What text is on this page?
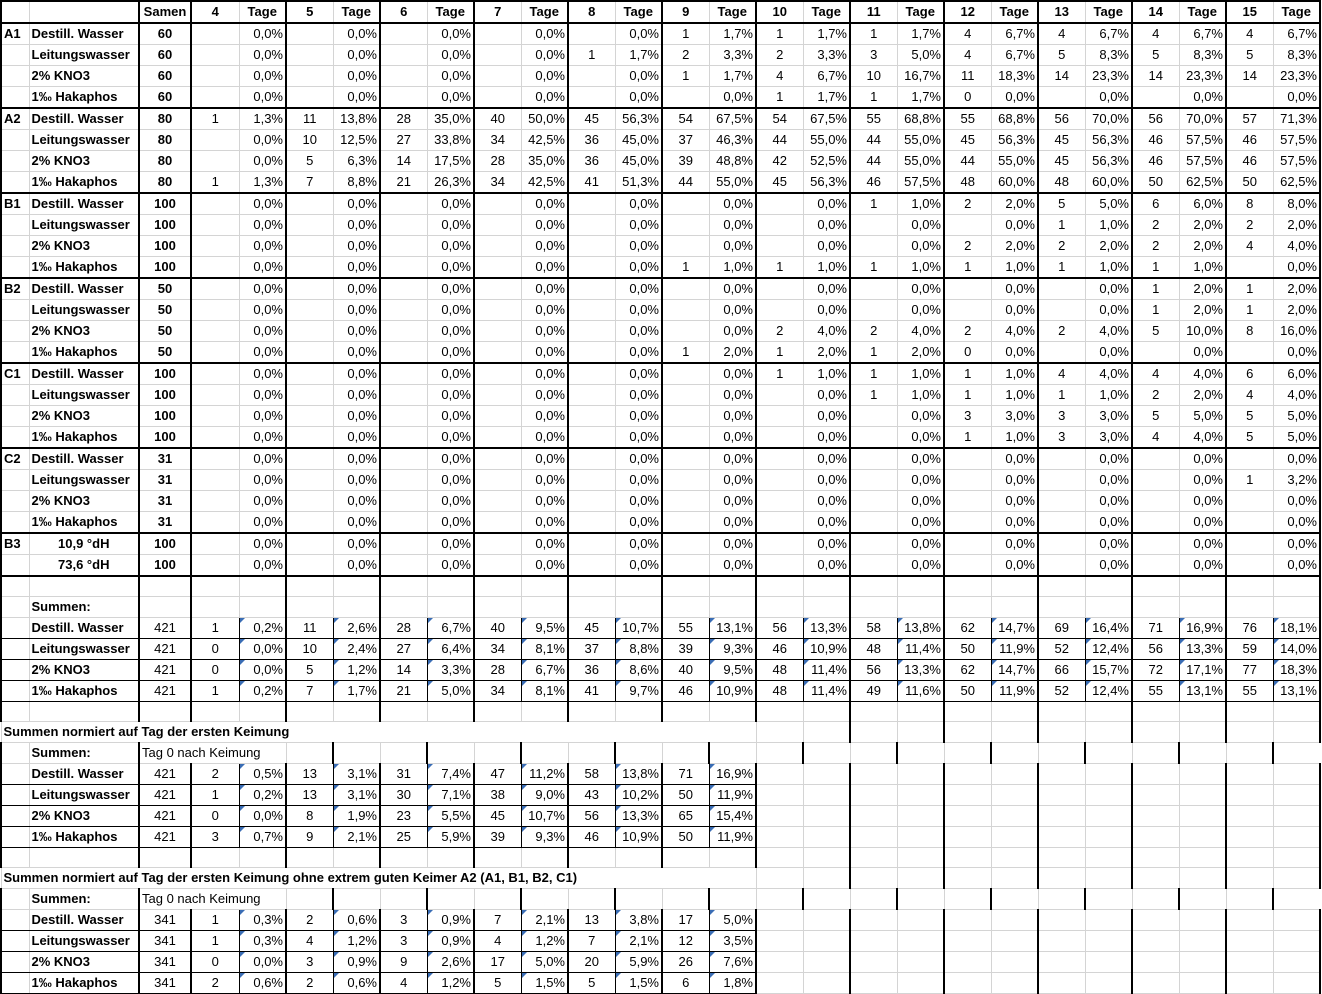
		Samen	4	Tage	5	Tage	6	Tage	7	Tage	8	Tage	9	Tage	10	Tage	11	Tage	12	Tage	13	Tage	14	Tage	15	Tage
A1	Destill. Wasser	60		0,0%		0,0%		0,0%		0,0%		0,0%	1	1,7%	1	1,7%	1	1,7%	4	6,7%	4	6,7%	4	6,7%	4	6,7%
	Leitungswasser	60		0,0%		0,0%		0,0%		0,0%	1	1,7%	2	3,3%	2	3,3%	3	5,0%	4	6,7%	5	8,3%	5	8,3%	5	8,3%
	2% KNO3	60		0,0%		0,0%		0,0%		0,0%		0,0%	1	1,7%	4	6,7%	10	16,7%	11	18,3%	14	23,3%	14	23,3%	14	23,3%
	1‰ Hakaphos	60		0,0%		0,0%		0,0%		0,0%		0,0%		0,0%	1	1,7%	1	1,7%	0	0,0%		0,0%		0,0%		0,0%
A2	Destill. Wasser	80	1	1,3%	11	13,8%	28	35,0%	40	50,0%	45	56,3%	54	67,5%	54	67,5%	55	68,8%	55	68,8%	56	70,0%	56	70,0%	57	71,3%
	Leitungswasser	80		0,0%	10	12,5%	27	33,8%	34	42,5%	36	45,0%	37	46,3%	44	55,0%	44	55,0%	45	56,3%	45	56,3%	46	57,5%	46	57,5%
	2% KNO3	80		0,0%	5	6,3%	14	17,5%	28	35,0%	36	45,0%	39	48,8%	42	52,5%	44	55,0%	44	55,0%	45	56,3%	46	57,5%	46	57,5%
	1‰ Hakaphos	80	1	1,3%	7	8,8%	21	26,3%	34	42,5%	41	51,3%	44	55,0%	45	56,3%	46	57,5%	48	60,0%	48	60,0%	50	62,5%	50	62,5%
B1	Destill. Wasser	100		0,0%		0,0%		0,0%		0,0%		0,0%		0,0%		0,0%	1	1,0%	2	2,0%	5	5,0%	6	6,0%	8	8,0%
	Leitungswasser	100		0,0%		0,0%		0,0%		0,0%		0,0%		0,0%		0,0%		0,0%		0,0%	1	1,0%	2	2,0%	2	2,0%
	2% KNO3	100		0,0%		0,0%		0,0%		0,0%		0,0%		0,0%		0,0%		0,0%	2	2,0%	2	2,0%	2	2,0%	4	4,0%
	1‰ Hakaphos	100		0,0%		0,0%		0,0%		0,0%		0,0%	1	1,0%	1	1,0%	1	1,0%	1	1,0%	1	1,0%	1	1,0%		0,0%
B2	Destill. Wasser	50		0,0%		0,0%		0,0%		0,0%		0,0%		0,0%		0,0%		0,0%		0,0%		0,0%	1	2,0%	1	2,0%
	Leitungswasser	50		0,0%		0,0%		0,0%		0,0%		0,0%		0,0%		0,0%		0,0%		0,0%		0,0%	1	2,0%	1	2,0%
	2% KNO3	50		0,0%		0,0%		0,0%		0,0%		0,0%		0,0%	2	4,0%	2	4,0%	2	4,0%	2	4,0%	5	10,0%	8	16,0%
	1‰ Hakaphos	50		0,0%		0,0%		0,0%		0,0%		0,0%	1	2,0%	1	2,0%	1	2,0%	0	0,0%		0,0%		0,0%		0,0%
C1	Destill. Wasser	100		0,0%		0,0%		0,0%		0,0%		0,0%		0,0%	1	1,0%	1	1,0%	1	1,0%	4	4,0%	4	4,0%	6	6,0%
	Leitungswasser	100		0,0%		0,0%		0,0%		0,0%		0,0%		0,0%		0,0%	1	1,0%	1	1,0%	1	1,0%	2	2,0%	4	4,0%
	2% KNO3	100		0,0%		0,0%		0,0%		0,0%		0,0%		0,0%		0,0%		0,0%	3	3,0%	3	3,0%	5	5,0%	5	5,0%
	1‰ Hakaphos	100		0,0%		0,0%		0,0%		0,0%		0,0%		0,0%		0,0%		0,0%	1	1,0%	3	3,0%	4	4,0%	5	5,0%
C2	Destill. Wasser	31		0,0%		0,0%		0,0%		0,0%		0,0%		0,0%		0,0%		0,0%		0,0%		0,0%		0,0%		0,0%
	Leitungswasser	31		0,0%		0,0%		0,0%		0,0%		0,0%		0,0%		0,0%		0,0%		0,0%		0,0%		0,0%	1	3,2%
	2% KNO3	31		0,0%		0,0%		0,0%		0,0%		0,0%		0,0%		0,0%		0,0%		0,0%		0,0%		0,0%		0,0%
	1‰ Hakaphos	31		0,0%		0,0%		0,0%		0,0%		0,0%		0,0%		0,0%		0,0%		0,0%		0,0%		0,0%		0,0%
B3	10,9 °dH	100		0,0%		0,0%		0,0%		0,0%		0,0%		0,0%		0,0%		0,0%		0,0%		0,0%		0,0%		0,0%
	73,6 °dH	100		0,0%		0,0%		0,0%		0,0%		0,0%		0,0%		0,0%		0,0%		0,0%		0,0%		0,0%		0,0%

	Summen:																									
	Destill. Wasser	421	1	0,2%	11	2,6%	28	6,7%	40	9,5%	45	10,7%	55	13,1%	56	13,3%	58	13,8%	62	14,7%	69	16,4%	71	16,9%	76	18,1%
	Leitungswasser	421	0	0,0%	10	2,4%	27	6,4%	34	8,1%	37	8,8%	39	9,3%	46	10,9%	48	11,4%	50	11,9%	52	12,4%	56	13,3%	59	14,0%
	2% KNO3	421	0	0,0%	5	1,2%	14	3,3%	28	6,7%	36	8,6%	40	9,5%	48	11,4%	56	13,3%	62	14,7%	66	15,7%	72	17,1%	77	18,3%
	1‰ Hakaphos	421	1	0,2%	7	1,7%	21	5,0%	34	8,1%	41	9,7%	46	10,9%	48	11,4%	49	11,6%	50	11,9%	52	12,4%	55	13,1%	55	13,1%

Summen normiert auf Tag der ersten Keimung																										
	Summen:	Tag 0 nach Keimung																								
	Destill. Wasser	421	2	0,5%	13	3,1%	31	7,4%	47	11,2%	58	13,8%	71	16,9%												
	Leitungswasser	421	1	0,2%	13	3,1%	30	7,1%	38	9,0%	43	10,2%	50	11,9%												
	2% KNO3	421	0	0,0%	8	1,9%	23	5,5%	45	10,7%	56	13,3%	65	15,4%												
	1‰ Hakaphos	421	3	0,7%	9	2,1%	25	5,9%	39	9,3%	46	10,9%	50	11,9%												

Summen normiert auf Tag der ersten Keimung ohne extrem guten Keimer A2 (A1, B1, B2, C1)																										
	Summen:	Tag 0 nach Keimung																								
	Destill. Wasser	341	1	0,3%	2	0,6%	3	0,9%	7	2,1%	13	3,8%	17	5,0%												
	Leitungswasser	341	1	0,3%	4	1,2%	3	0,9%	4	1,2%	7	2,1%	12	3,5%												
	2% KNO3	341	0	0,0%	3	0,9%	9	2,6%	17	5,0%	20	5,9%	26	7,6%												
	1‰ Hakaphos	341	2	0,6%	2	0,6%	4	1,2%	5	1,5%	5	1,5%	6	1,8%												
